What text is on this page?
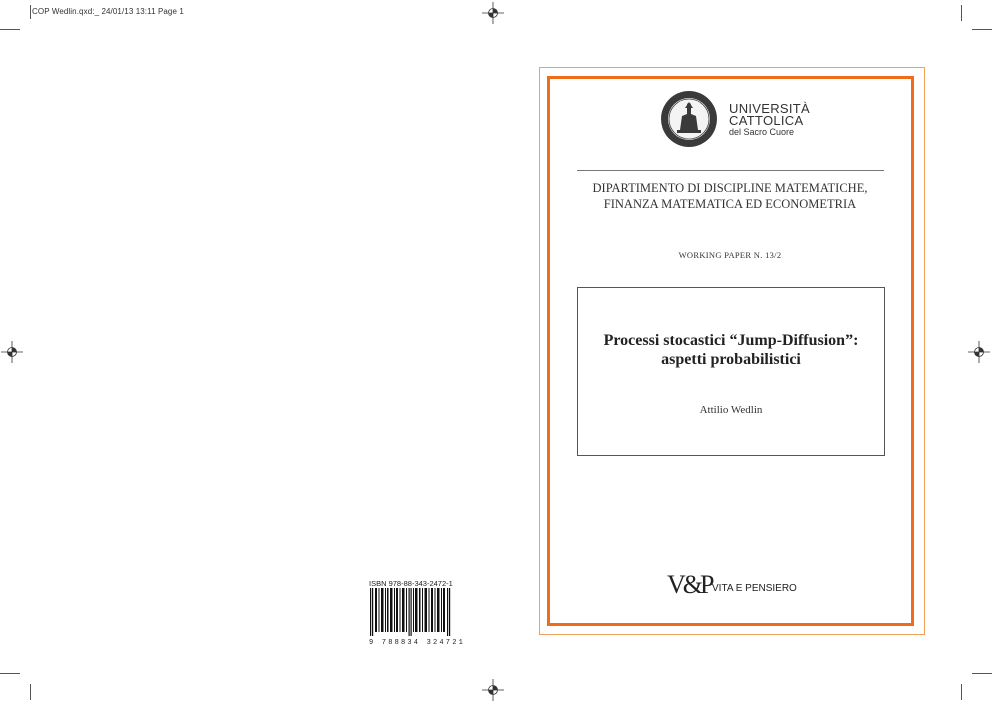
COP Wedlin.qxd:_ 24/01/13 13:11 Page 1
UNIVERSITÀ
CATTOLICA
del Sacro Cuore
DIPARTIMENTO DI DISCIPLINE MATEMATICHE,
FINANZA MATEMATICA ED ECONOMETRIA
WORKING PAPER N. 13/2
Processi stocastici “Jump-Diffusion”:
aspetti probabilistici
Attilio Wedlin
V&P VITA E PENSIERO
ISBN 978-88-343-2472-1
9 788834 324721
